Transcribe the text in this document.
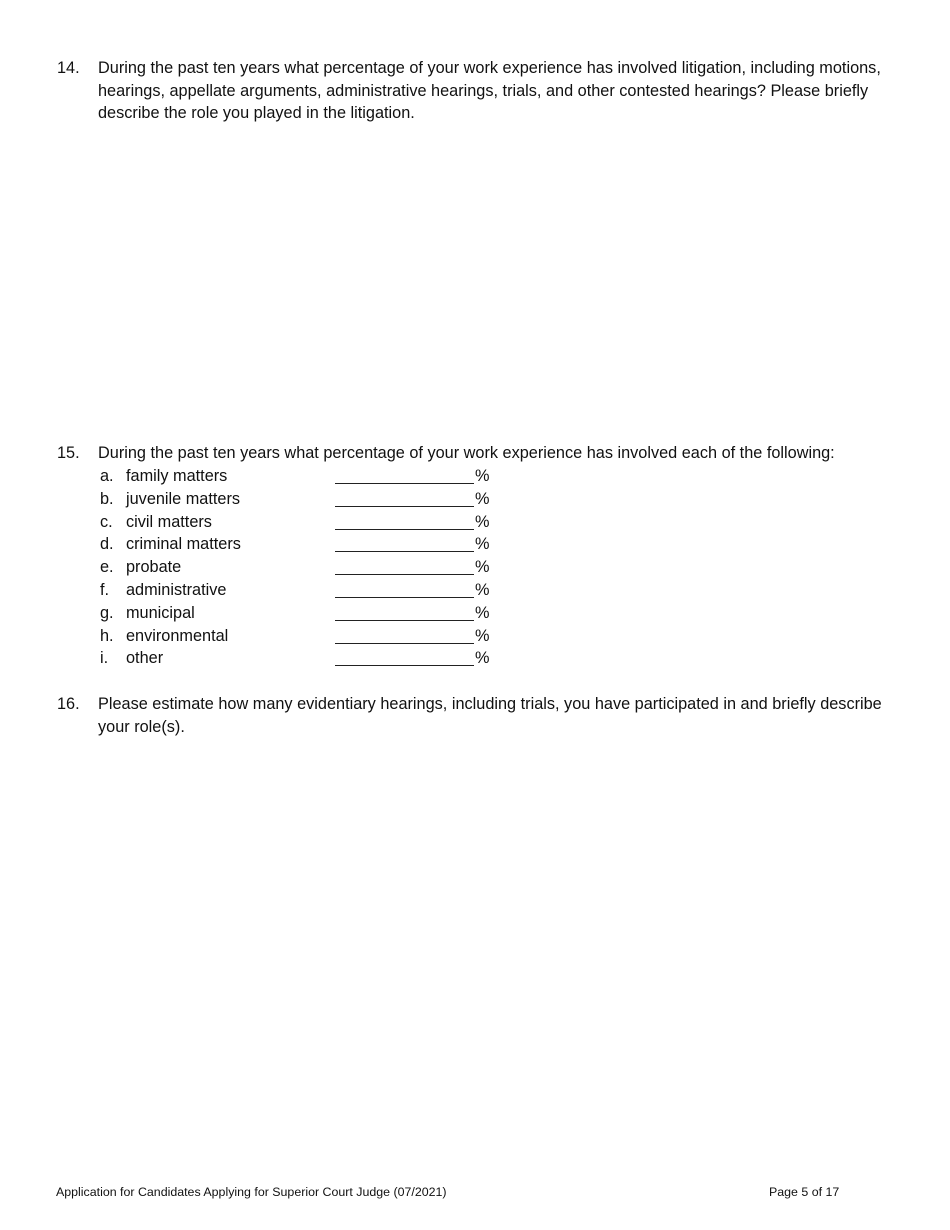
14. During the past ten years what percentage of your work experience has involved litigation, including motions, hearings, appellate arguments, administrative hearings, trials, and other contested hearings? Please briefly describe the role you played in the litigation.
15. During the past ten years what percentage of your work experience has involved each of the following:
a. family matters	%
b. juvenile matters	%
c. civil matters	%
d. criminal matters	%
e. probate	%
f. administrative	%
g. municipal	%
h. environmental	%
i. other	%
16. Please estimate how many evidentiary hearings, including trials, you have participated in and briefly describe your role(s).
Application for Candidates Applying for Superior Court Judge (07/2021)	Page 5 of 17
